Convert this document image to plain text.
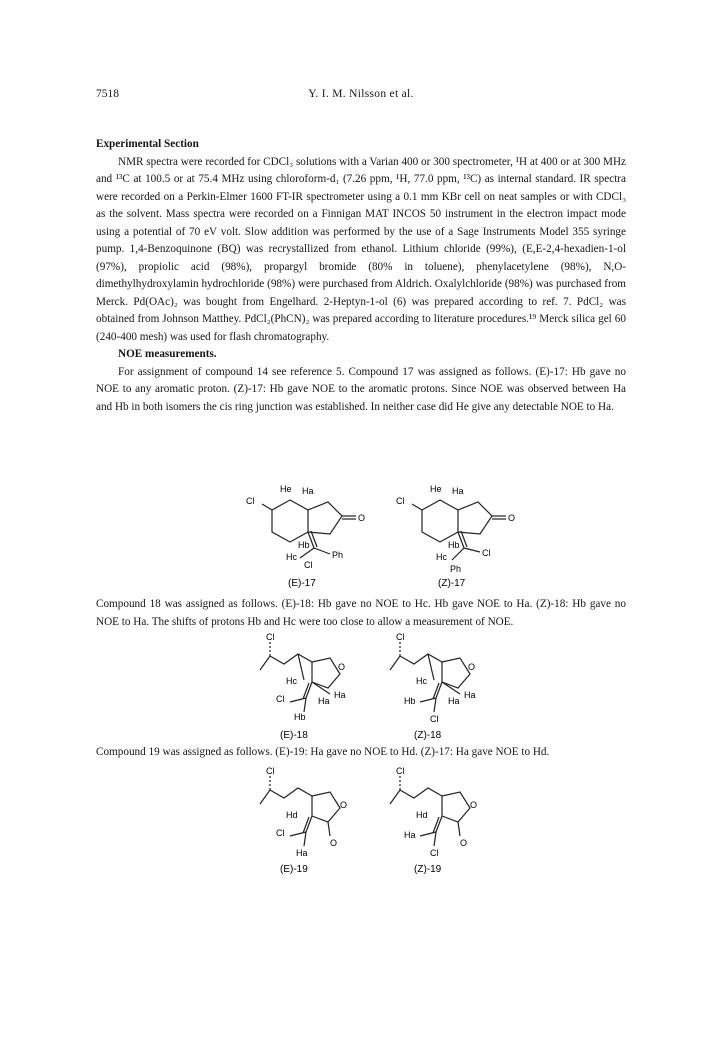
7518	Y. I. M. Nilsson et al.
Experimental Section

NMR spectra were recorded for CDCl₃ solutions with a Varian 400 or 300 spectrometer, ¹H at 400 or at 300 MHz and ¹³C at 100.5 or at 75.4 MHz using chloroform-d₁ (7.26 ppm, ¹H, 77.0 ppm, ¹³C) as internal standard. IR spectra were recorded on a Perkin-Elmer 1600 FT-IR spectrometer using a 0.1 mm KBr cell on neat samples or with CDCl₃ as the solvent. Mass spectra were recorded on a Finnigan MAT INCOS 50 instrument in the electron impact mode using a potential of 70 eV volt. Slow addition was performed by the use of a Sage Instruments Model 355 syringe pump. 1,4-Benzoquinone (BQ) was recrystallized from ethanol. Lithium chloride (99%), (E,E-2,4-hexadien-1-ol (97%), propiolic acid (98%), propargyl bromide (80% in toluene), phenylacetylene (98%), N,O-dimethylhydroxylamin hydrochloride (98%) were purchased from Aldrich. Oxalylchloride (98%) was purchased from Merck. Pd(OAc)₂ was bought from Engelhard. 2-Heptyn-1-ol (6) was prepared according to ref. 7. PdCl₂ was obtained from Johnson Matthey. PdCl₂(PhCN)₂ was prepared according to literature procedures.¹⁹ Merck silica gel 60 (240-400 mesh) was used for flash chromatography.

NOE measurements.

For assignment of compound 14 see reference 5. Compound 17 was assigned as follows. (E)-17: Hb gave no NOE to any aromatic proton. (Z)-17: Hb gave NOE to the aromatic protons. Since NOE was observed between Ha and Hb in both isomers the cis ring junction was established. In neither case did He give any detectable NOE to Ha.

He Ha
Cl
O
Hb
Hc
Cl
Ph
He Ha
Cl
O
Hb
Hc	Cl
Ph
(E)-17	(Z)-17

Compound 18 was assigned as follows. (E)-18: Hb gave no NOE to Hc. Hb gave NOE to Ha. (Z)-18: Hb gave no NOE to Ha. The shifts of protons Hb and Hc were too close to allow a measurement of NOE.

Cl
O
Hc
Cl	Ha
Ha
Hb
Cl
O
Hc
Hb
Ha
Ha
Cl
(E)-18	(Z)-18

Compound 19 was assigned as follows. (E)-19: Ha gave no NOE to Hd. (Z)-17: Ha gave NOE to Hd.

Cl
O
Hd
Cl
O
Ha
Cl
O
Hd
Ha
O
Cl
(E)-19	(Z)-19
